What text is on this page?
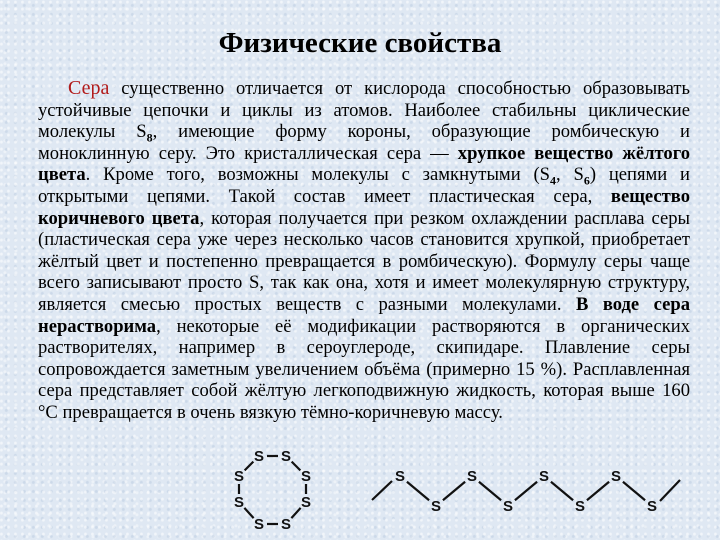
Физические свойства
Сера существенно отличается от кислорода способностью образовывать устойчивые цепочки и циклы из атомов. Наиболее стабильны циклические молекулы $S_8$, имеющие форму короны, образующие ромбическую и моноклинную серу. Это кристаллическая сера — хрупкое вещество жёлтого цвета. Кроме того, возможны молекулы с замкнутыми ($S_4$, $S_6$) цепями и открытыми цепями. Такой состав имеет пластическая сера, вещество коричневого цвета, которая получается при резком охлаждении расплава серы (пластическая сера уже через несколько часов становится хрупкой, приобретает жёлтый цвет и постепенно превращается в ромбическую). Формулу серы чаще всего записывают просто S, так как она, хотя и имеет молекулярную структуру, является смесью простых веществ с разными молекулами. В воде сера нерастворима, некоторые её модификации растворяются в органических растворителях, например в сероуглероде, скипидаре. Плавление серы сопровождается заметным увеличением объёма (примерно 15 %). Расплавленная сера представляет собой жёлтую легкоподвижную жидкость, которая выше 160 °C превращается в очень вязкую тёмно-коричневую массу.
S S
S
S
S
S
S
S	S
S
S
S
S
S
S
S
